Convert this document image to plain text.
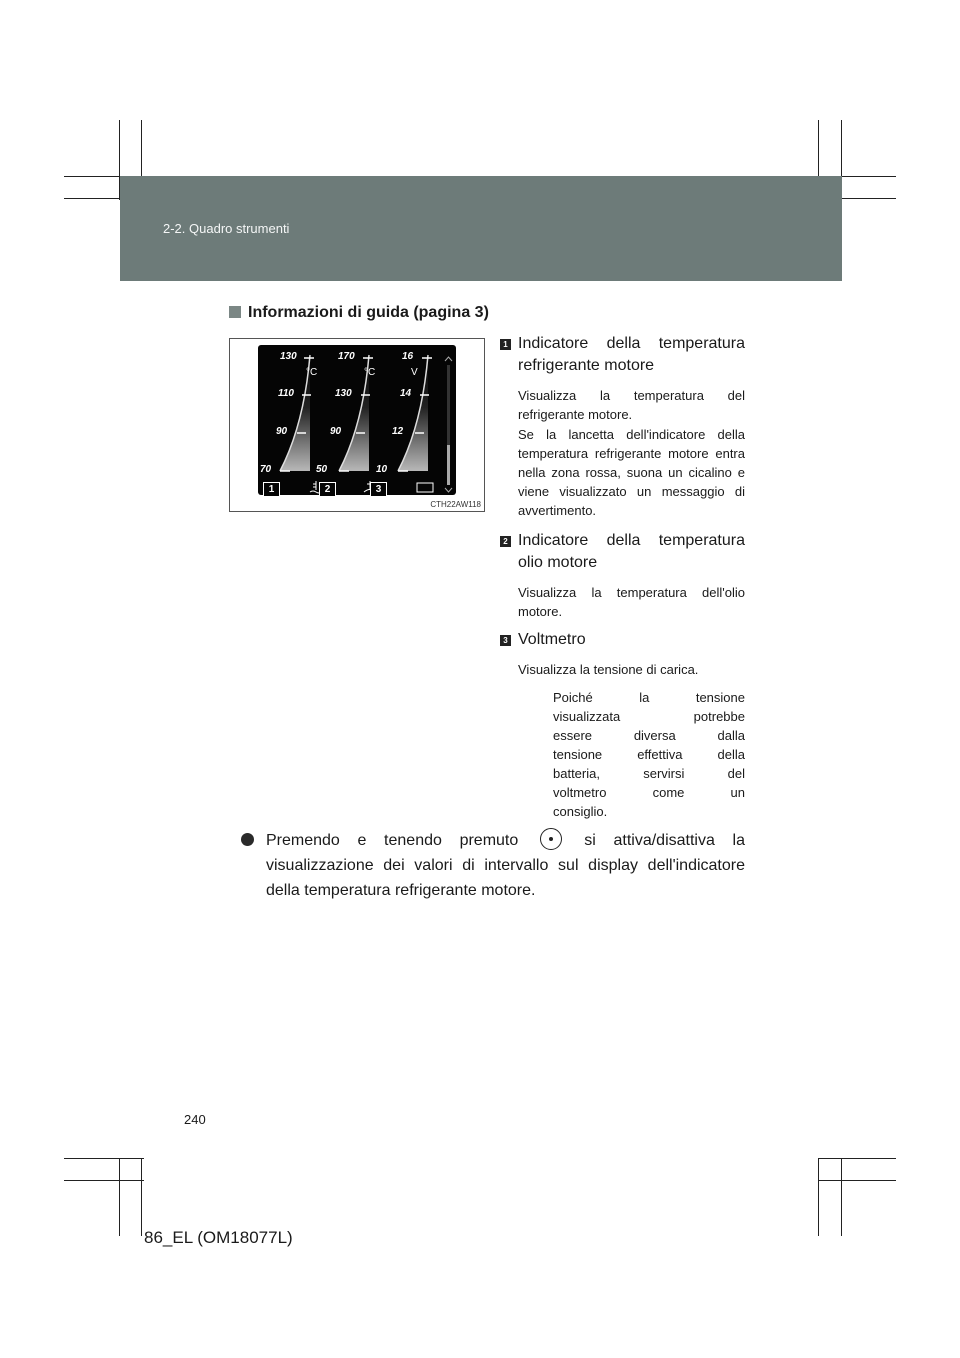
2-2. Quadro strumenti
Informazioni di guida (pagina 3)
130
°C
110
90
70
170
°C
130
90
50
16
V
14
12
10
1	2	3
CTH22AW118
1 Indicatore della temperatura refrigerante motore
Visualizza la temperatura del refrigerante motore.
Se la lancetta dell'indicatore della temperatura refrigerante motore entra nella zona rossa, suona un cicalino e viene visualizzato un messaggio di avvertimento.
2 Indicatore della temperatura olio motore
Visualizza la temperatura dell'olio motore.
3 Voltmetro
Visualizza la tensione di carica.
Poiché la tensione
visualizzata potrebbe
essere diversa dalla
tensione effettiva della
batteria, servirsi del
voltmetro come un
consiglio.
Premendo e tenendo premuto	si attiva/disattiva la visualizzazione dei valori di intervallo sul display dell'indicatore della temperatura refrigerante motore.
240
86_EL (OM18077L)
